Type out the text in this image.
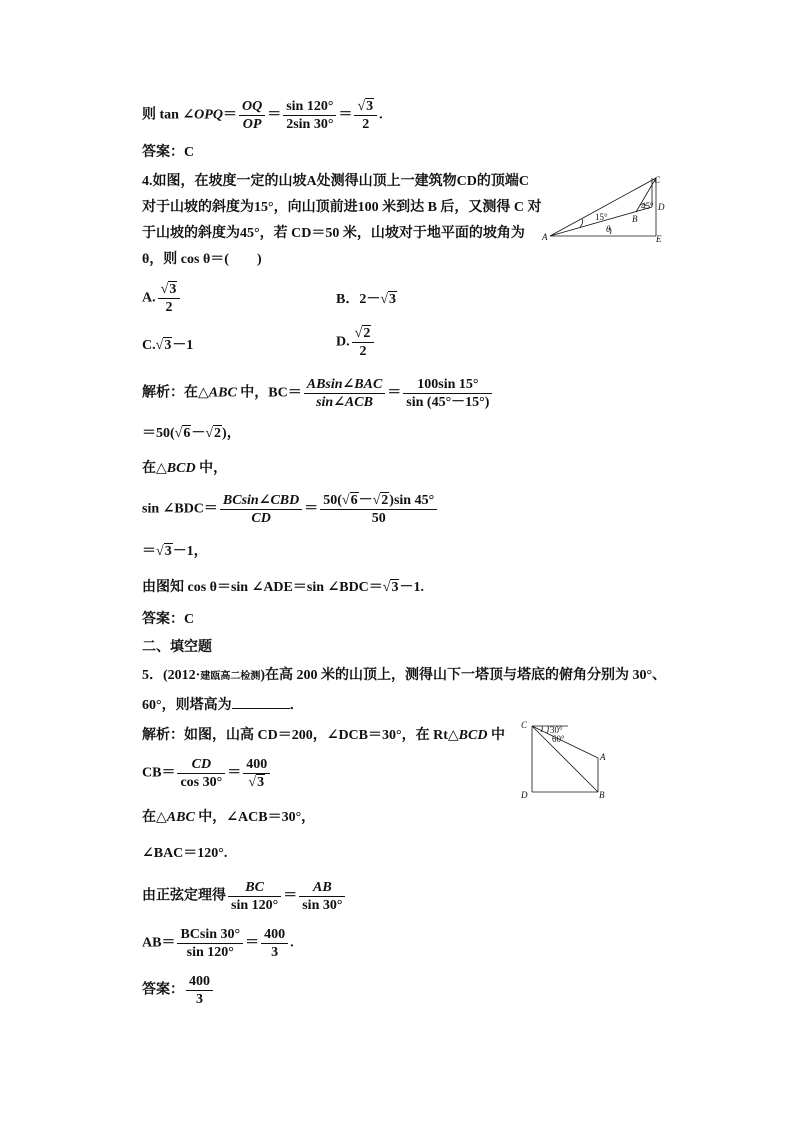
则 tan ∠OPQ＝ $\frac{OQ}{OP} = \frac{\sin 120^\circ}{2\sin 30^\circ} = \frac{√3}{2}$ .
答案：C
4.如图，在坡度一定的山坡A处测得山顶上一建筑物CD的顶端C
对于山坡的斜度为15°，向山顶前进100 米到达 B 后，又测得 C 对
于山坡的斜度为45°，若 CD＝50 米，山坡对于地平面的坡角为
θ，则 cos θ＝(　　)
C
D
A
B
E
15°
45°
θ
A. $\frac{√3}{2}$	B．2－√3
C.√3－1	D. $\frac{√2}{2}$
解析：在△ABC 中，$BC= \frac{\text{ABsin∠BAC}}{\text{sin∠ACB}} = \frac{100\sin 15^\circ}{\sin (45^\circ-15^\circ)}$
＝50(√6－√2)，
在△BCD 中，
sin ∠BDC＝ $\frac{\text{BCsin∠CBD}}{CD} = \frac{50(√6-√2)\sin 45^\circ}{50}$
＝√3－1，
由图知 cos θ＝sin ∠ADE＝sin ∠BDC＝√3－1.
答案：C
二、填空题
5．(2012·建瓯高二检测)在高 200 米的山顶上，测得山下一塔顶与塔底的俯角分别为 30°、
60°，则塔高为	．
解析：如图，山高 CD＝200，∠DCB＝30°，在 Rt△BCD 中
$CB= \frac{CD}{\cos 30^\circ} = \frac{400}{√3}$
C
D
A
B
30°
60°
在△ABC 中，∠ACB＝30°，
∠BAC＝120°.
由正弦定理得 $\frac{BC}{\sin 120^\circ} = \frac{AB}{\sin 30^\circ}$
$AB= \frac{BCsin 30^\circ}{\sin 120^\circ} = \frac{400}{3}$ .
答案： $\frac{400}{3}$
